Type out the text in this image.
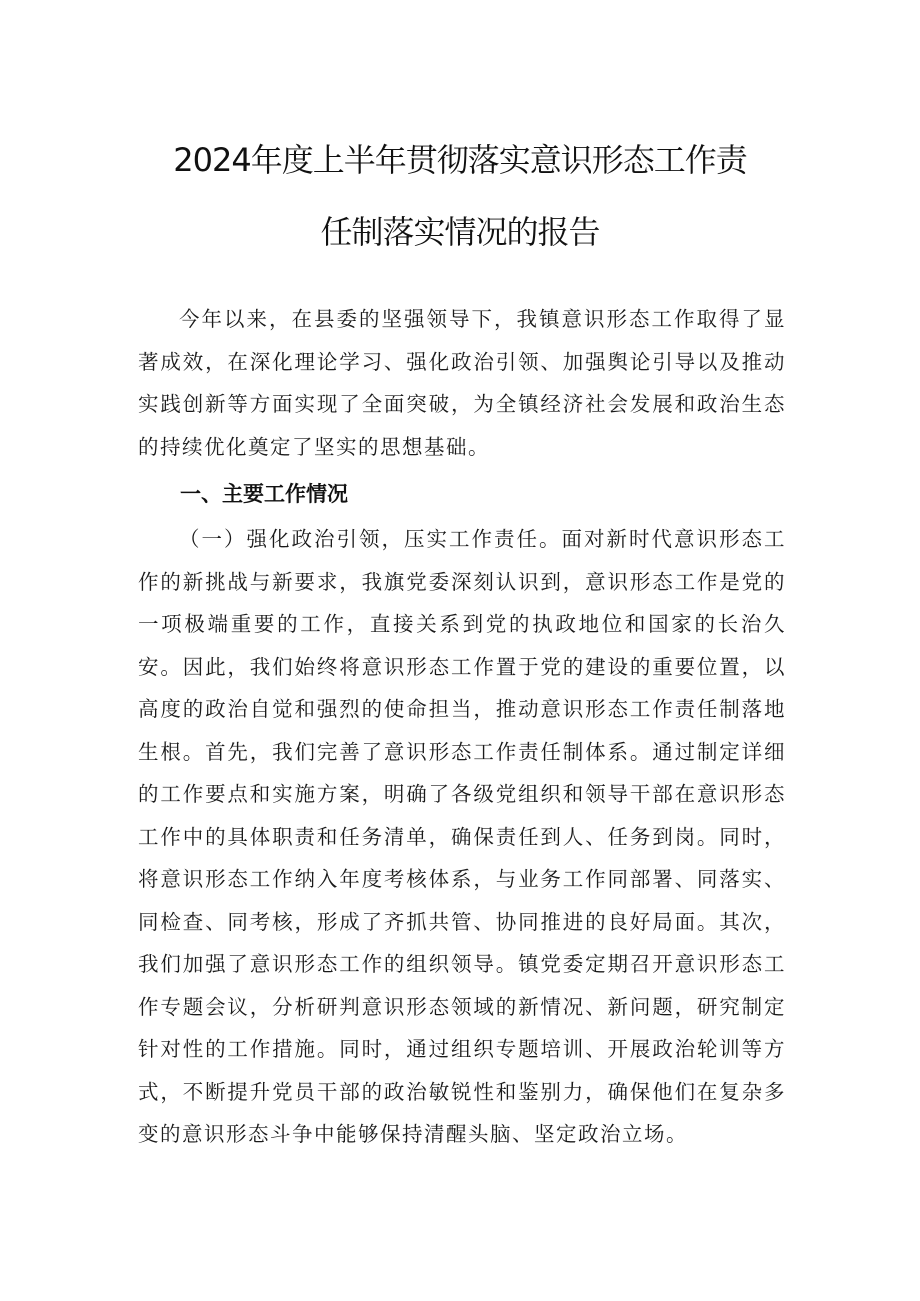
2024年度上半年贯彻落实意识形态工作责
任制落实情况的报告

今年以来，在县委的坚强领导下，我镇意识形态工作取得了显著成效，在深化理论学习、强化政治引领、加强舆论引导以及推动实践创新等方面实现了全面突破，为全镇经济社会发展和政治生态的持续优化奠定了坚实的思想基础。

一、主要工作情况

（一）强化政治引领，压实工作责任。面对新时代意识形态工作的新挑战与新要求，我旗党委深刻认识到，意识形态工作是党的一项极端重要的工作，直接关系到党的执政地位和国家的长治久安。因此，我们始终将意识形态工作置于党的建设的重要位置，以高度的政治自觉和强烈的使命担当，推动意识形态工作责任制落地生根。首先，我们完善了意识形态工作责任制体系。通过制定详细的工作要点和实施方案，明确了各级党组织和领导干部在意识形态工作中的具体职责和任务清单，确保责任到人、任务到岗。同时，将意识形态工作纳入年度考核体系，与业务工作同部署、同落实、同检查、同考核，形成了齐抓共管、协同推进的良好局面。其次，我们加强了意识形态工作的组织领导。镇党委定期召开意识形态工作专题会议，分析研判意识形态领域的新情况、新问题，研究制定针对性的工作措施。同时，通过组织专题培训、开展政治轮训等方式，不断提升党员干部的政治敏锐性和鉴别力，确保他们在复杂多变的意识形态斗争中能够保持清醒头脑、坚定政治立场。
